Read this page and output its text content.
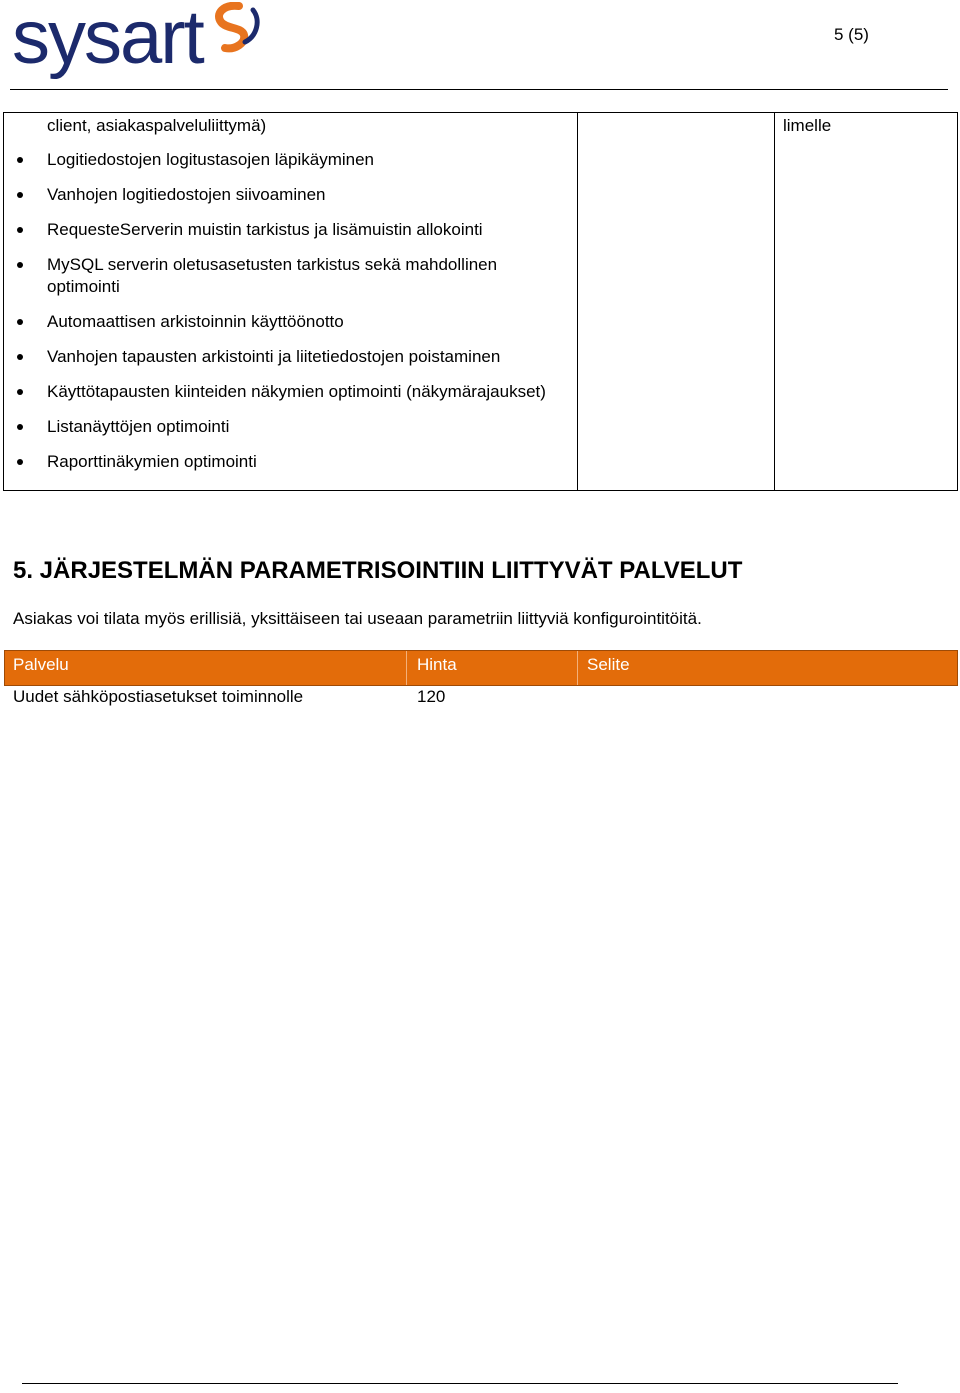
sysart	5 (5)
client, asiakaspalveluliittymä)
Logitiedostojen logitustasojen läpikäyminen
Vanhojen logitiedostojen siivoaminen
RequesteServerin muistin tarkistus ja lisämuistin allokointi
MySQL serverin oletusasetusten tarkistus sekä mahdollinen optimointi
Automaattisen arkistoinnin käyttöönotto
Vanhojen tapausten arkistointi ja liitetiedostojen poistaminen
Käyttötapausten kiinteiden näkymien optimointi (näkymärajaukset)
Listanäyttöjen optimointi
Raporttinäkymien optimointi

limelle
5. JÄRJESTELMÄN PARAMETRISOINTIIN LIITTYVÄT PALVELUT

Asiakas voi tilata myös erillisiä, yksittäiseen tai useaan parametriin liittyviä konfigurointitöitä.

Palvelu	Hinta	Selite
Uudet sähköpostiasetukset toiminnolle	120
